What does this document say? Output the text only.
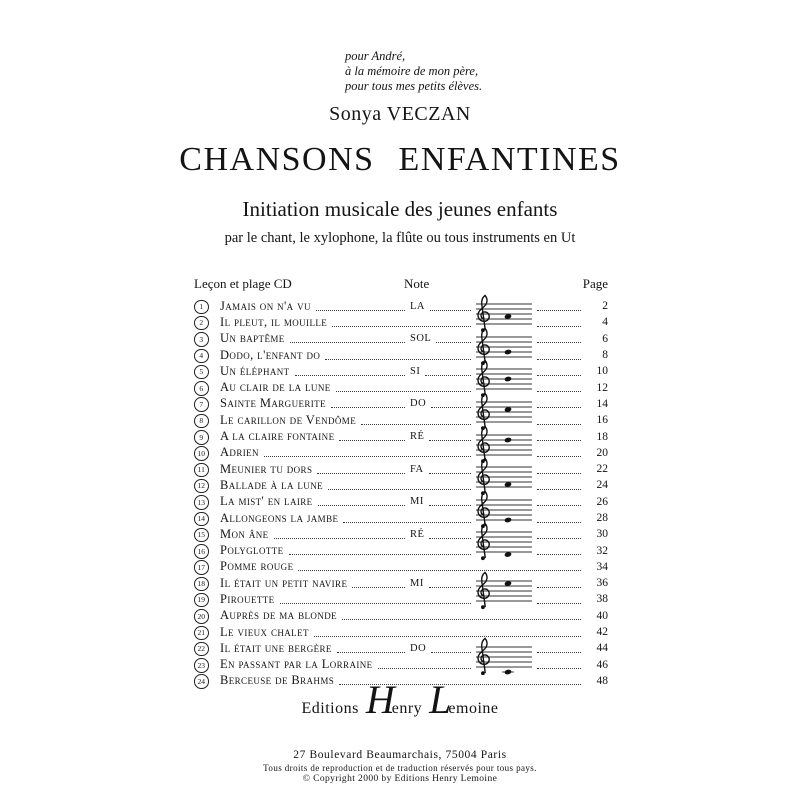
pour André,
à la mémoire de mon père,
pour tous mes petits élèves.
Sonya VECZAN
CHANSONS ENFANTINES
Initiation musicale des jeunes enfants
par le chant, le xylophone, la flûte ou tous instruments en Ut
Leçon et plage CD	Note	Page
1	Jamais on n'a vu	LA	2
2	Il pleut, il mouille	4
3	Un baptême	SOL	6
4	Dodo, l'enfant do	8
5	Un éléphant	SI	10
6	Au clair de la lune	12
7	Sainte Marguerite	DO	14
8	Le carillon de Vendôme	16
9	A la claire fontaine	RÉ	18
10	Adrien	20
11	Meunier tu dors	FA	22
12	Ballade à la lune	24
13	La mist' en laire	MI	26
14	Allongeons la jambe	28
15	Mon âne	RÉ	30
16	Polyglotte	32
17	Pomme rouge	34
18	Il était un petit navire	MI	36
19	Pirouette	38
20	Auprès de ma blonde	40
21	Le vieux chalet	42
22	Il était une bergère	DO	44
23	En passant par la Lorraine	46
24	Berceuse de Brahms	48
Editions H
enry L
emoine
27 Boulevard Beaumarchais, 75004 Paris
Tous droits de reproduction et de traduction réservés pour tous pays.
© Copyright 2000 by Editions Henry Lemoine
